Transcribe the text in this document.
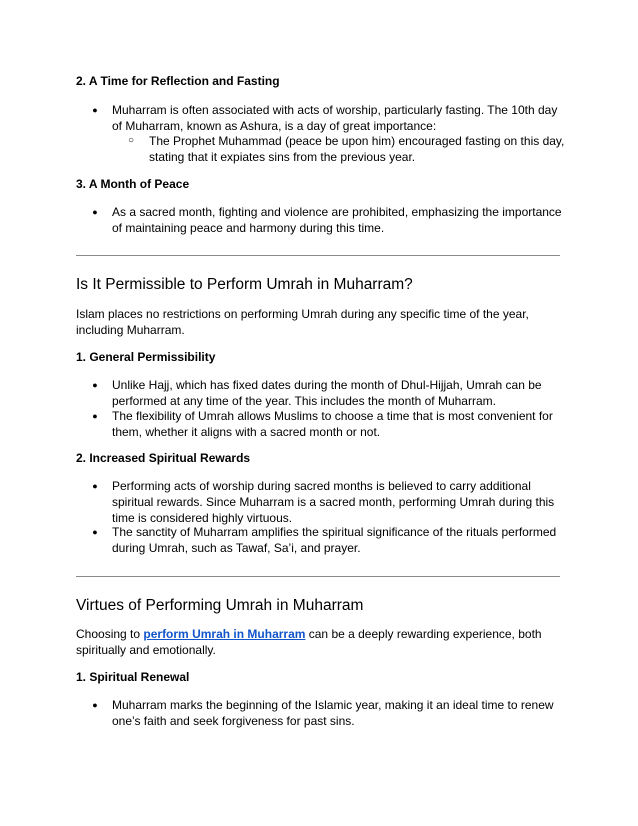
2. A Time for Reflection and Fasting

●	Muharram is often associated with acts of worship, particularly fasting. The 10th day of Muharram, known as Ashura, is a day of great importance:
○	The Prophet Muhammad (peace be upon him) encouraged fasting on this day, stating that it expiates sins from the previous year.

3. A Month of Peace

●	As a sacred month, fighting and violence are prohibited, emphasizing the importance of maintaining peace and harmony during this time.
Is It Permissible to Perform Umrah in Muharram?

Islam places no restrictions on performing Umrah during any specific time of the year, including Muharram.

1. General Permissibility

●	Unlike Hajj, which has fixed dates during the month of Dhul-Hijjah, Umrah can be performed at any time of the year. This includes the month of Muharram.
●	The flexibility of Umrah allows Muslims to choose a time that is most convenient for them, whether it aligns with a sacred month or not.

2. Increased Spiritual Rewards

●	Performing acts of worship during sacred months is believed to carry additional spiritual rewards. Since Muharram is a sacred month, performing Umrah during this time is considered highly virtuous.
●	The sanctity of Muharram amplifies the spiritual significance of the rituals performed during Umrah, such as Tawaf, Sa’i, and prayer.
Virtues of Performing Umrah in Muharram

Choosing to perform Umrah in Muharram can be a deeply rewarding experience, both spiritually and emotionally.

1. Spiritual Renewal

●	Muharram marks the beginning of the Islamic year, making it an ideal time to renew one’s faith and seek forgiveness for past sins.
